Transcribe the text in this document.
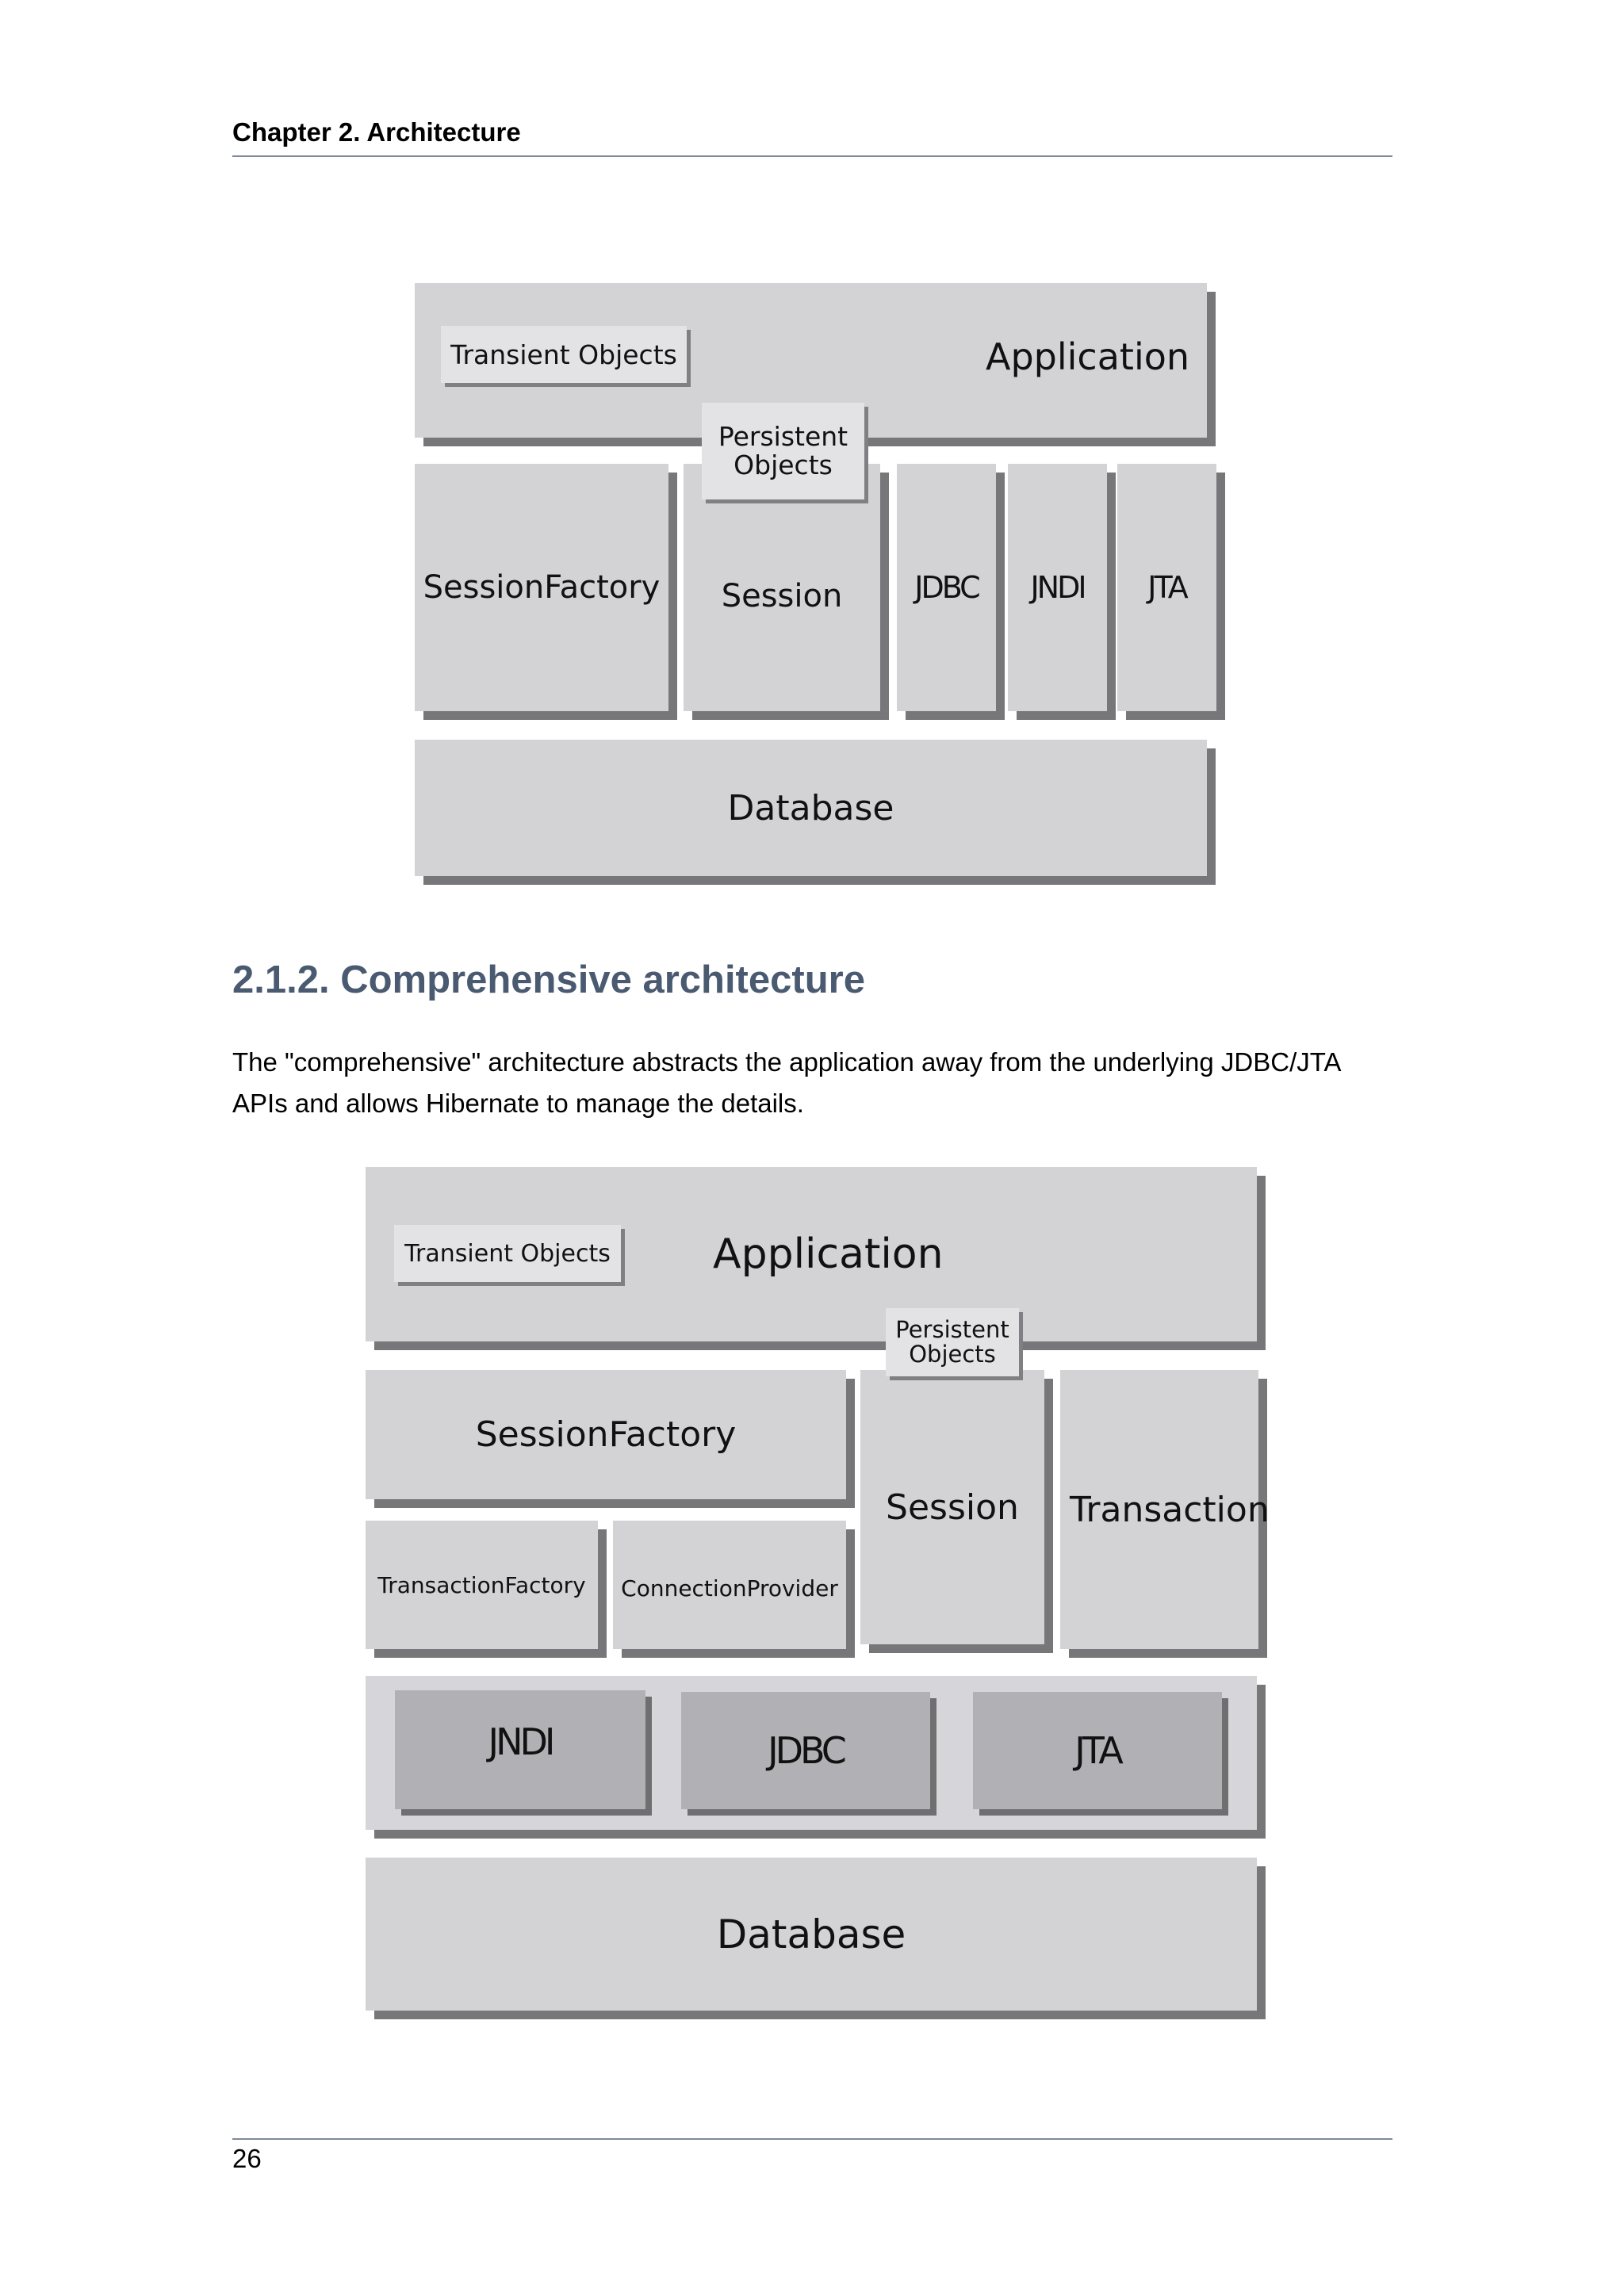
Chapter 2. Architecture
Application
Transient Objects
SessionFactory	Session
Persistent Objects
JDBC	JNDI	JTA
Database
2.1.2. Comprehensive architecture
The "comprehensive" architecture abstracts the application away from the underlying JDBC/JTA APIs and allows Hibernate to manage the details.
Application
Transient Objects
SessionFactory
TransactionFactory	ConnectionProvider
Session
Persistent Objects
Transaction
JNDI	JDBC	JTA
Database
26
